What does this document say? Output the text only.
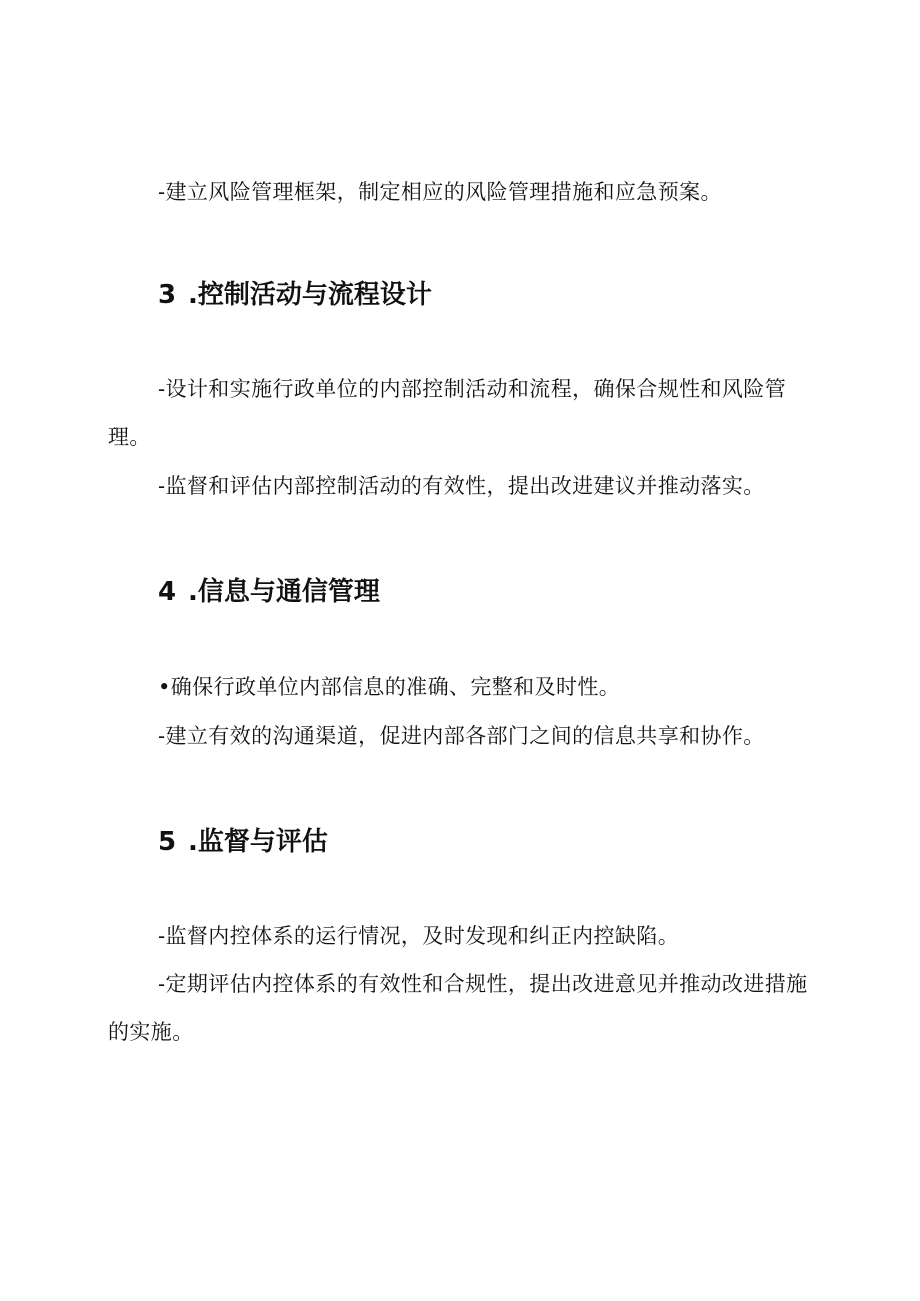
-建立风险管理框架，制定相应的风险管理措施和应急预案。

3 .控制活动与流程设计

-设计和实施行政单位的内部控制活动和流程，确保合规性和风险管理。

-监督和评估内部控制活动的有效性，提出改进建议并推动落实。

4 .信息与通信管理

•确保行政单位内部信息的准确、完整和及时性。

-建立有效的沟通渠道，促进内部各部门之间的信息共享和协作。

5 .监督与评估

-监督内控体系的运行情况，及时发现和纠正内控缺陷。

-定期评估内控体系的有效性和合规性，提出改进意见并推动改进措施的实施。
